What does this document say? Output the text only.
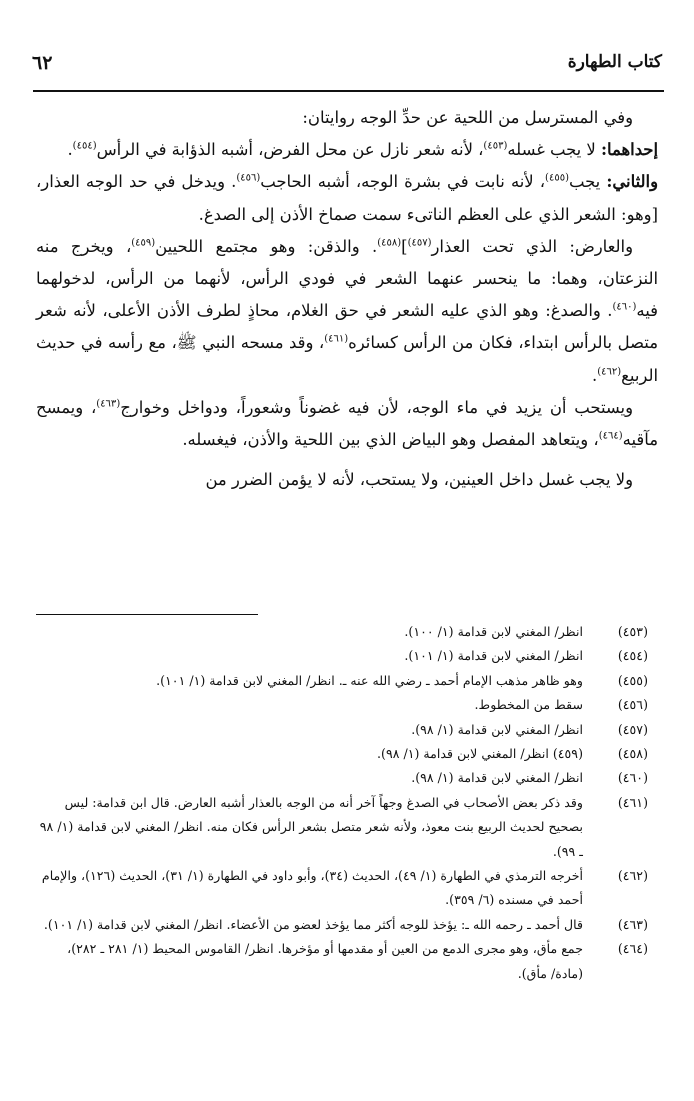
كتاب الطهارة
٦٢

وفي المسترسل من اللحية عن حدِّ الوجه روايتان:

إحداهما: لا يجب غسله$^{(٤٥٣)}$، لأنه شعر نازل عن محل الفرض، أشبه الذؤابة في الرأس$^{(٤٥٤)}$.

والثاني: يجب$^{(٤٥٥)}$، لأنه نابت في بشرة الوجه، أشبه الحاجب$^{(٤٥٦)}$. ويدخل في حد الوجه العذار، [وهو: الشعر الذي على العظم الناتىء سمت صماخ الأذن إلى الصدغ.

والعارض: الذي تحت العذار$^{(٤٥٧)}$]$^{(٤٥٨)}$. والذقن: وهو مجتمع اللحيين$^{(٤٥٩)}$، ويخرج منه النزعتان، وهما: ما ينحسر عنهما الشعر في فودي الرأس، لأنهما من الرأس، لدخولهما فيه$^{(٤٦٠)}$. والصدغ: وهو الذي عليه الشعر في حق الغلام، محاذٍ لطرف الأذن الأعلى، لأنه شعر متصل بالرأس ابتداء، فكان من الرأس كسائره$^{(٤٦١)}$، وقد مسحه النبي ﷺ، مع رأسه في حديث الربيع$^{(٤٦٢)}$.

ويستحب أن يزيد في ماء الوجه، لأن فيه غضوناً وشعوراً، ودواخل وخوارج$^{(٤٦٣)}$، ويمسح مآقيه$^{(٤٦٤)}$، ويتعاهد المفصل وهو البياض الذي بين اللحية والأذن، فيغسله.

ولا يجب غسل داخل العينين، ولا يستحب، لأنه لا يؤمن الضرر من

(٤٥٣)
انظر/ المغني لابن قدامة (١/ ١٠٠).
(٤٥٤)
انظر/ المغني لابن قدامة (١/ ١٠١).
(٤٥٥)
وهو ظاهر مذهب الإمام أحمد ـ رضي الله عنه ـ. انظر/ المغني لابن قدامة (١/ ١٠١).
(٤٥٦)
سقط من المخطوط.
(٤٥٧)
انظر/ المغني لابن قدامة (١/ ٩٨).
(٤٥٨)
(٤٥٩) انظر/ المغني لابن قدامة (١/ ٩٨).
(٤٦٠)
انظر/ المغني لابن قدامة (١/ ٩٨).
(٤٦١)
وقد ذكر بعض الأصحاب في الصدغ وجهاً آخر أنه من الوجه بالعذار أشبه العارض. قال ابن قدامة: ليس بصحيح لحديث الربيع بنت معوذ، ولأنه شعر متصل بشعر الرأس فكان منه. انظر/ المغني لابن قدامة (١/ ٩٨ ـ ٩٩).
(٤٦٢)
أخرجه الترمذي في الطهارة (١/ ٤٩)، الحديث (٣٤)، وأبو داود في الطهارة (١/ ٣١)، الحديث (١٢٦)، والإمام أحمد في مسنده (٦/ ٣٥٩).
(٤٦٣)
قال أحمد ـ رحمه الله ـ: يؤخذ للوجه أكثر مما يؤخذ لعضو من الأعضاء. انظر/ المغني لابن قدامة (١/ ١٠١).
(٤٦٤)
جمع مأق، وهو مجرى الدمع من العين أو مقدمها أو مؤخرها. انظر/ القاموس المحيط (١/ ٢٨١ ـ ٢٨٢)، (مادة/ مأق).
